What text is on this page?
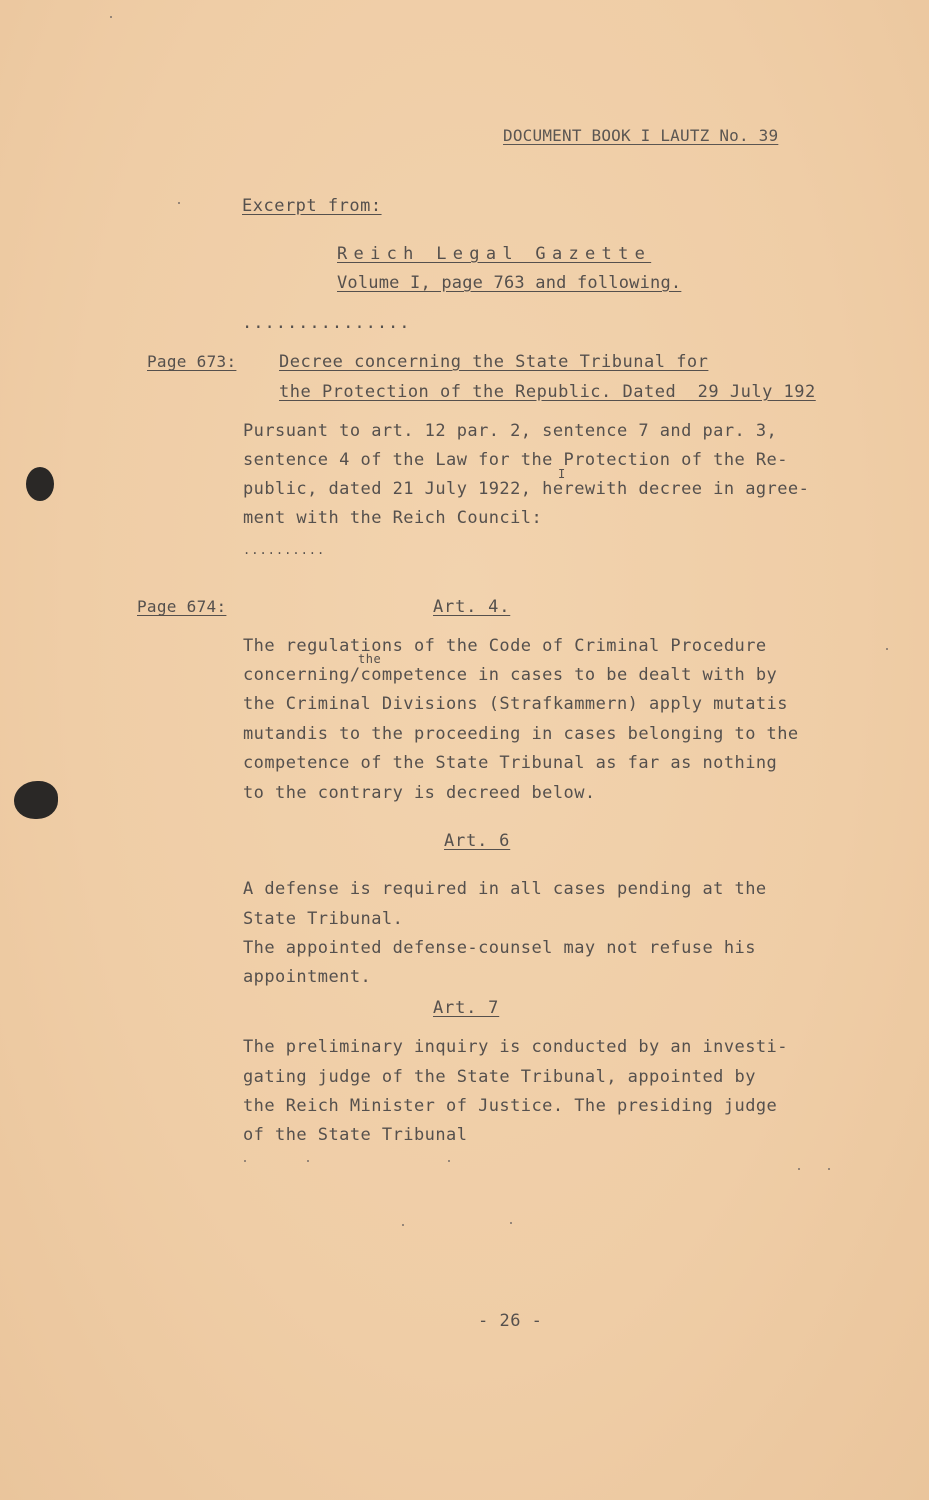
DOCUMENT BOOK I LAUTZ No. 39
Excerpt from:
Reich Legal Gazette
Volume I, page 763 and following.
...............
Page 673:	Decree concerning the State Tribunal for
the Protection of the Republic. Dated  29 July 192
Pursuant to art. 12 par. 2, sentence 7 and par. 3,
sentence 4 of the Law for the Protection of the Re-
I
public, dated 21 July 1922, herewith decree in agree-
ment with the Reich Council:
..........
Page 674:	Art. 4.
The regulations of the Code of Criminal Procedure
the
concerning/competence in cases to be dealt with by
the Criminal Divisions (Strafkammern) apply mutatis
mutandis to the proceeding in cases belonging to the
competence of the State Tribunal as far as nothing
to the contrary is decreed below.
Art. 6
A defense is required in all cases pending at the
State Tribunal.
The appointed defense-counsel may not refuse his
appointment.
Art. 7
The preliminary inquiry is conducted by an investi-
gating judge of the State Tribunal, appointed by
the Reich Minister of Justice. The presiding judge
of the State Tribunal
- 26 -
